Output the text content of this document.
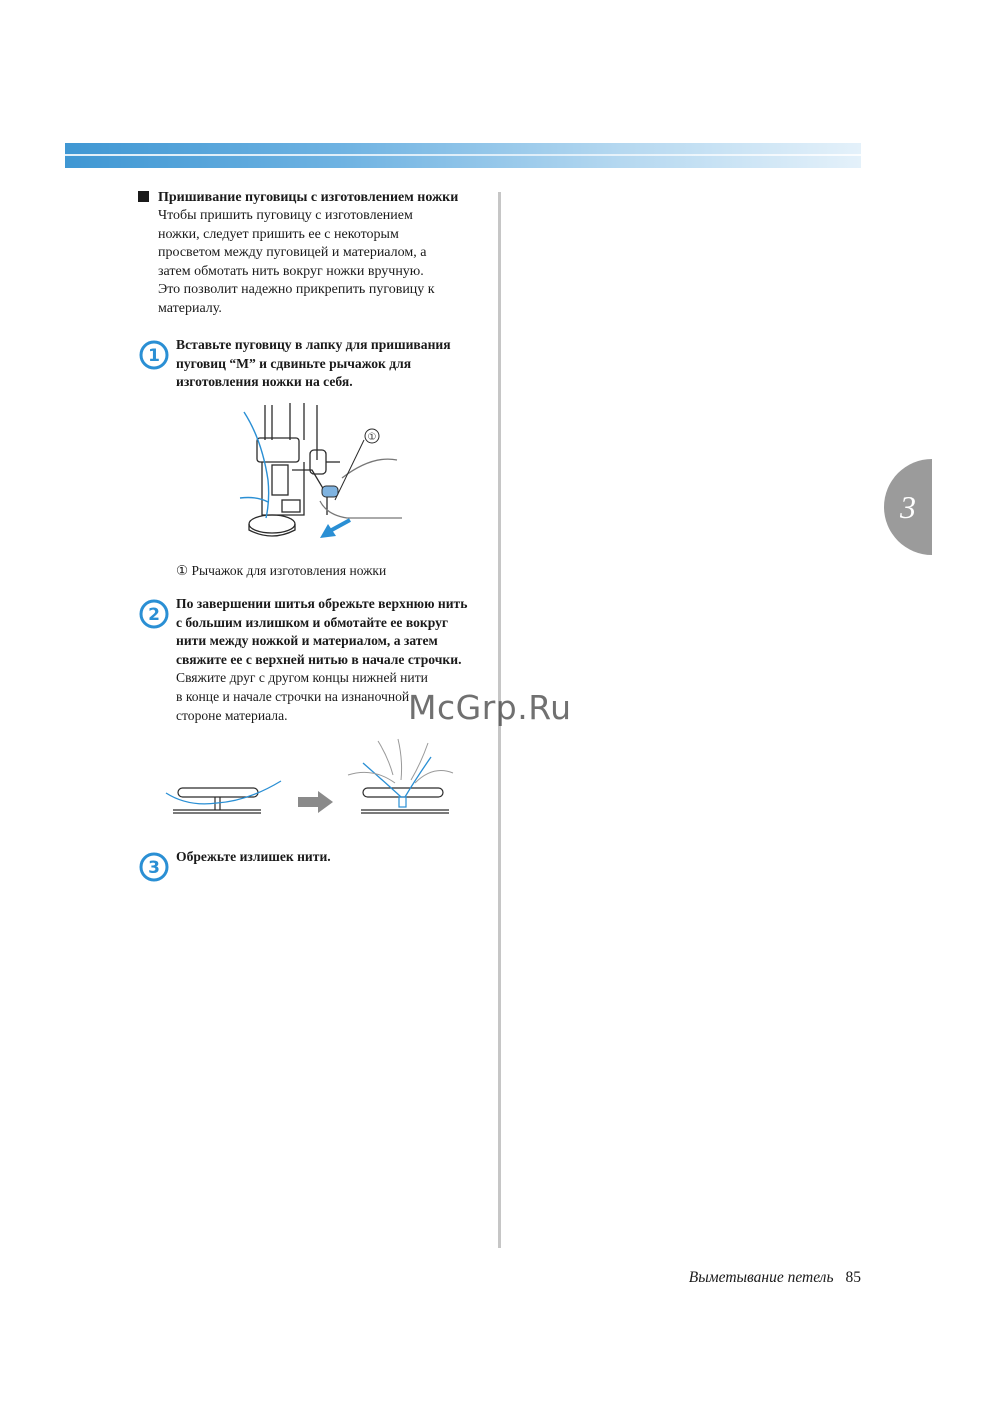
3
Пришивание пуговицы с изготовлением ножки
Чтобы пришить пуговицу с изготовлением
ножки, следует пришить ее с некоторым
просветом между пуговицей и материалом, а
затем обмотать нить вокруг ножки вручную.
Это позволит надежно прикрепить пуговицу к
материалу.
1
Вставьте пуговицу в лапку для пришивания
пуговиц “M” и сдвиньте рычажок для
изготовления ножки на себя.
①
① Рычажок для изготовления ножки
2
По завершении шитья обрежьте верхнюю нить
с большим излишком и обмотайте ее вокруг
нити между ножкой и материалом, а затем
свяжите ее с верхней нитью в начале строчки.
Свяжите друг с другом концы нижней нити
в конце и начале строчки на изнаночной
стороне материала.
3
Обрежьте излишек нити.
McGrp.Ru
Выметывание петель 85
